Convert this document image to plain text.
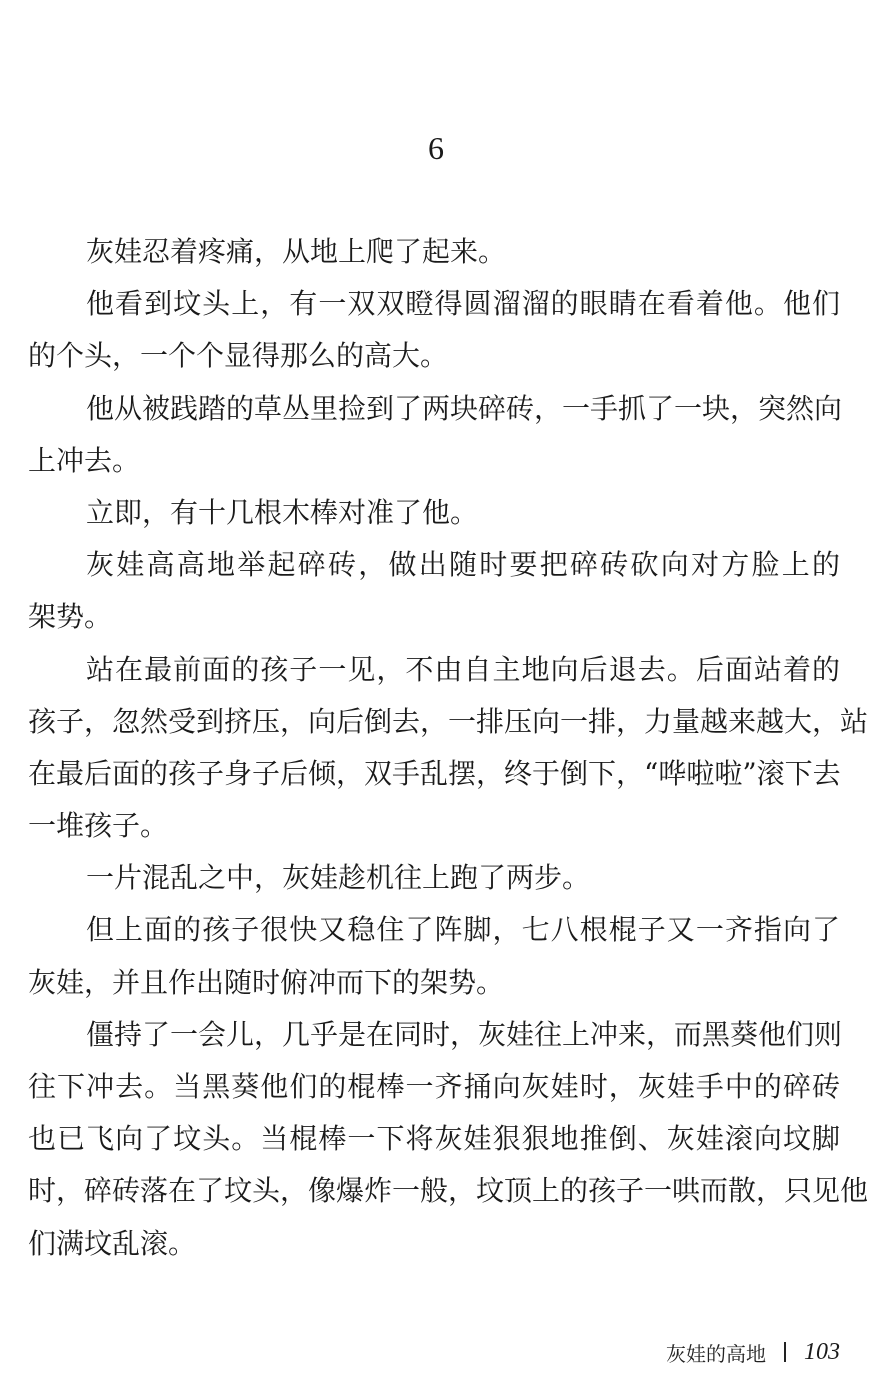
6
灰娃忍着疼痛，从地上爬了起来。
他看到坟头上，有一双双瞪得圆溜溜的眼睛在看着他。他们
的个头，一个个显得那么的高大。
他从被践踏的草丛里捡到了两块碎砖，一手抓了一块，突然向
上冲去。
立即，有十几根木棒对准了他。
灰娃高高地举起碎砖，做出随时要把碎砖砍向对方脸上的
架势。
站在最前面的孩子一见，不由自主地向后退去。后面站着的
孩子，忽然受到挤压，向后倒去，一排压向一排，力量越来越大，站
在最后面的孩子身子后倾，双手乱摆，终于倒下，“哗啦啦”滚下去
一堆孩子。
一片混乱之中，灰娃趁机往上跑了两步。
但上面的孩子很快又稳住了阵脚，七八根棍子又一齐指向了
灰娃，并且作出随时俯冲而下的架势。
僵持了一会儿，几乎是在同时，灰娃往上冲来，而黑葵他们则
往下冲去。当黑葵他们的棍棒一齐捅向灰娃时，灰娃手中的碎砖
也已飞向了坟头。当棍棒一下将灰娃狠狠地推倒、灰娃滚向坟脚
时，碎砖落在了坟头，像爆炸一般，坟顶上的孩子一哄而散，只见他
们满坟乱滚。
灰娃的高地 103
